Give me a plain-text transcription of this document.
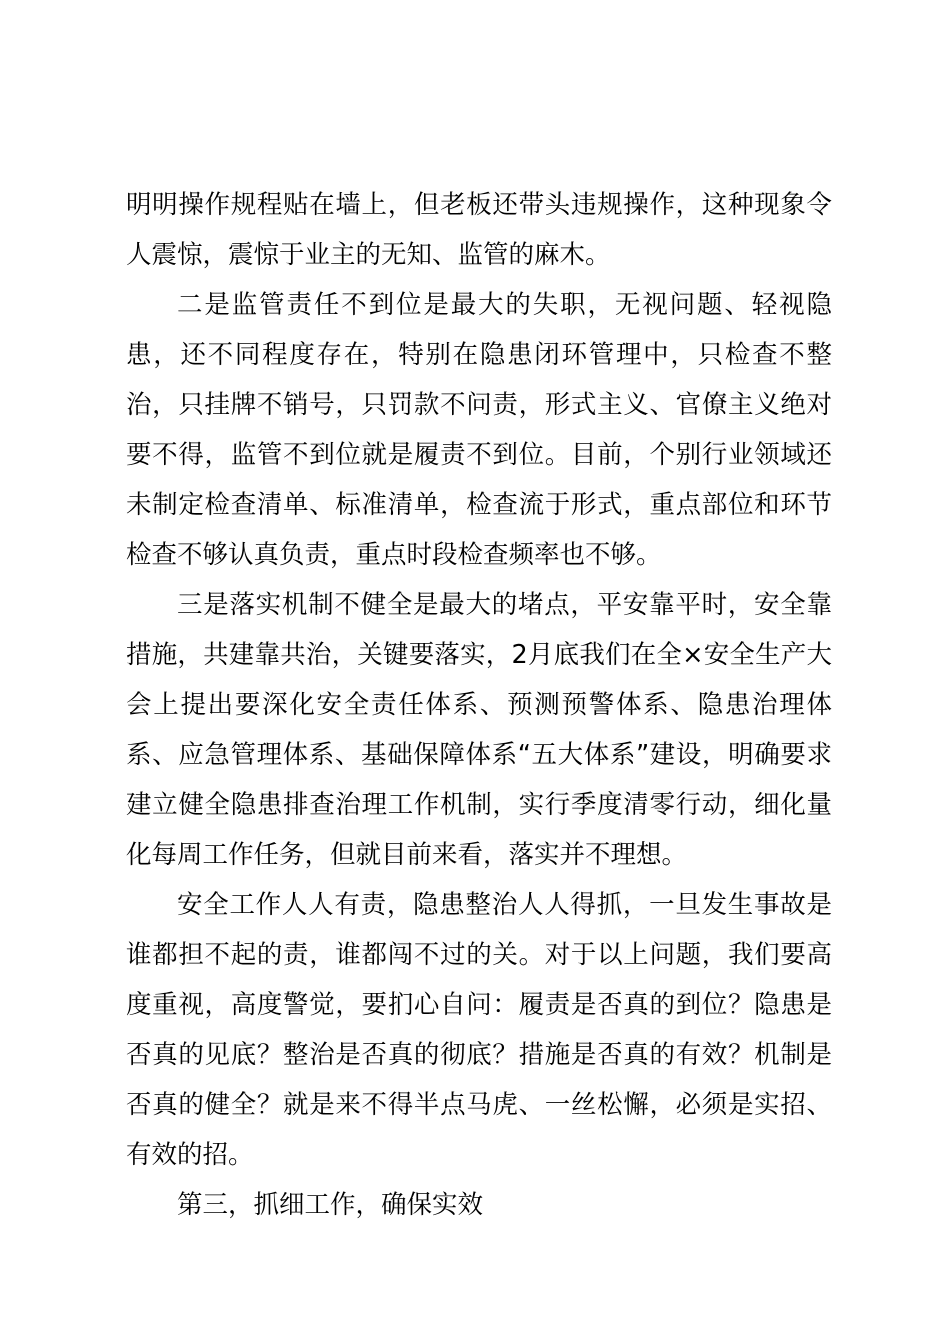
明明操作规程贴在墙上，但老板还带头违规操作，这种现象令人震惊，震惊于业主的无知、监管的麻木。

二是监管责任不到位是最大的失职，无视问题、轻视隐患，还不同程度存在，特别在隐患闭环管理中，只检查不整治，只挂牌不销号，只罚款不问责，形式主义、官僚主义绝对要不得，监管不到位就是履责不到位。目前，个别行业领域还未制定检查清单、标准清单，检查流于形式，重点部位和环节检查不够认真负责，重点时段检查频率也不够。

三是落实机制不健全是最大的堵点，平安靠平时，安全靠措施，共建靠共治，关键要落实，2月底我们在全×安全生产大会上提出要深化安全责任体系、预测预警体系、隐患治理体系、应急管理体系、基础保障体系“五大体系”建设，明确要求建立健全隐患排查治理工作机制，实行季度清零行动，细化量化每周工作任务，但就目前来看，落实并不理想。

安全工作人人有责，隐患整治人人得抓，一旦发生事故是谁都担不起的责，谁都闯不过的关。对于以上问题，我们要高度重视，高度警觉，要扪心自问：履责是否真的到位？隐患是否真的见底？整治是否真的彻底？措施是否真的有效？机制是否真的健全？就是来不得半点马虎、一丝松懈，必须是实招、有效的招。

第三，抓细工作，确保实效
